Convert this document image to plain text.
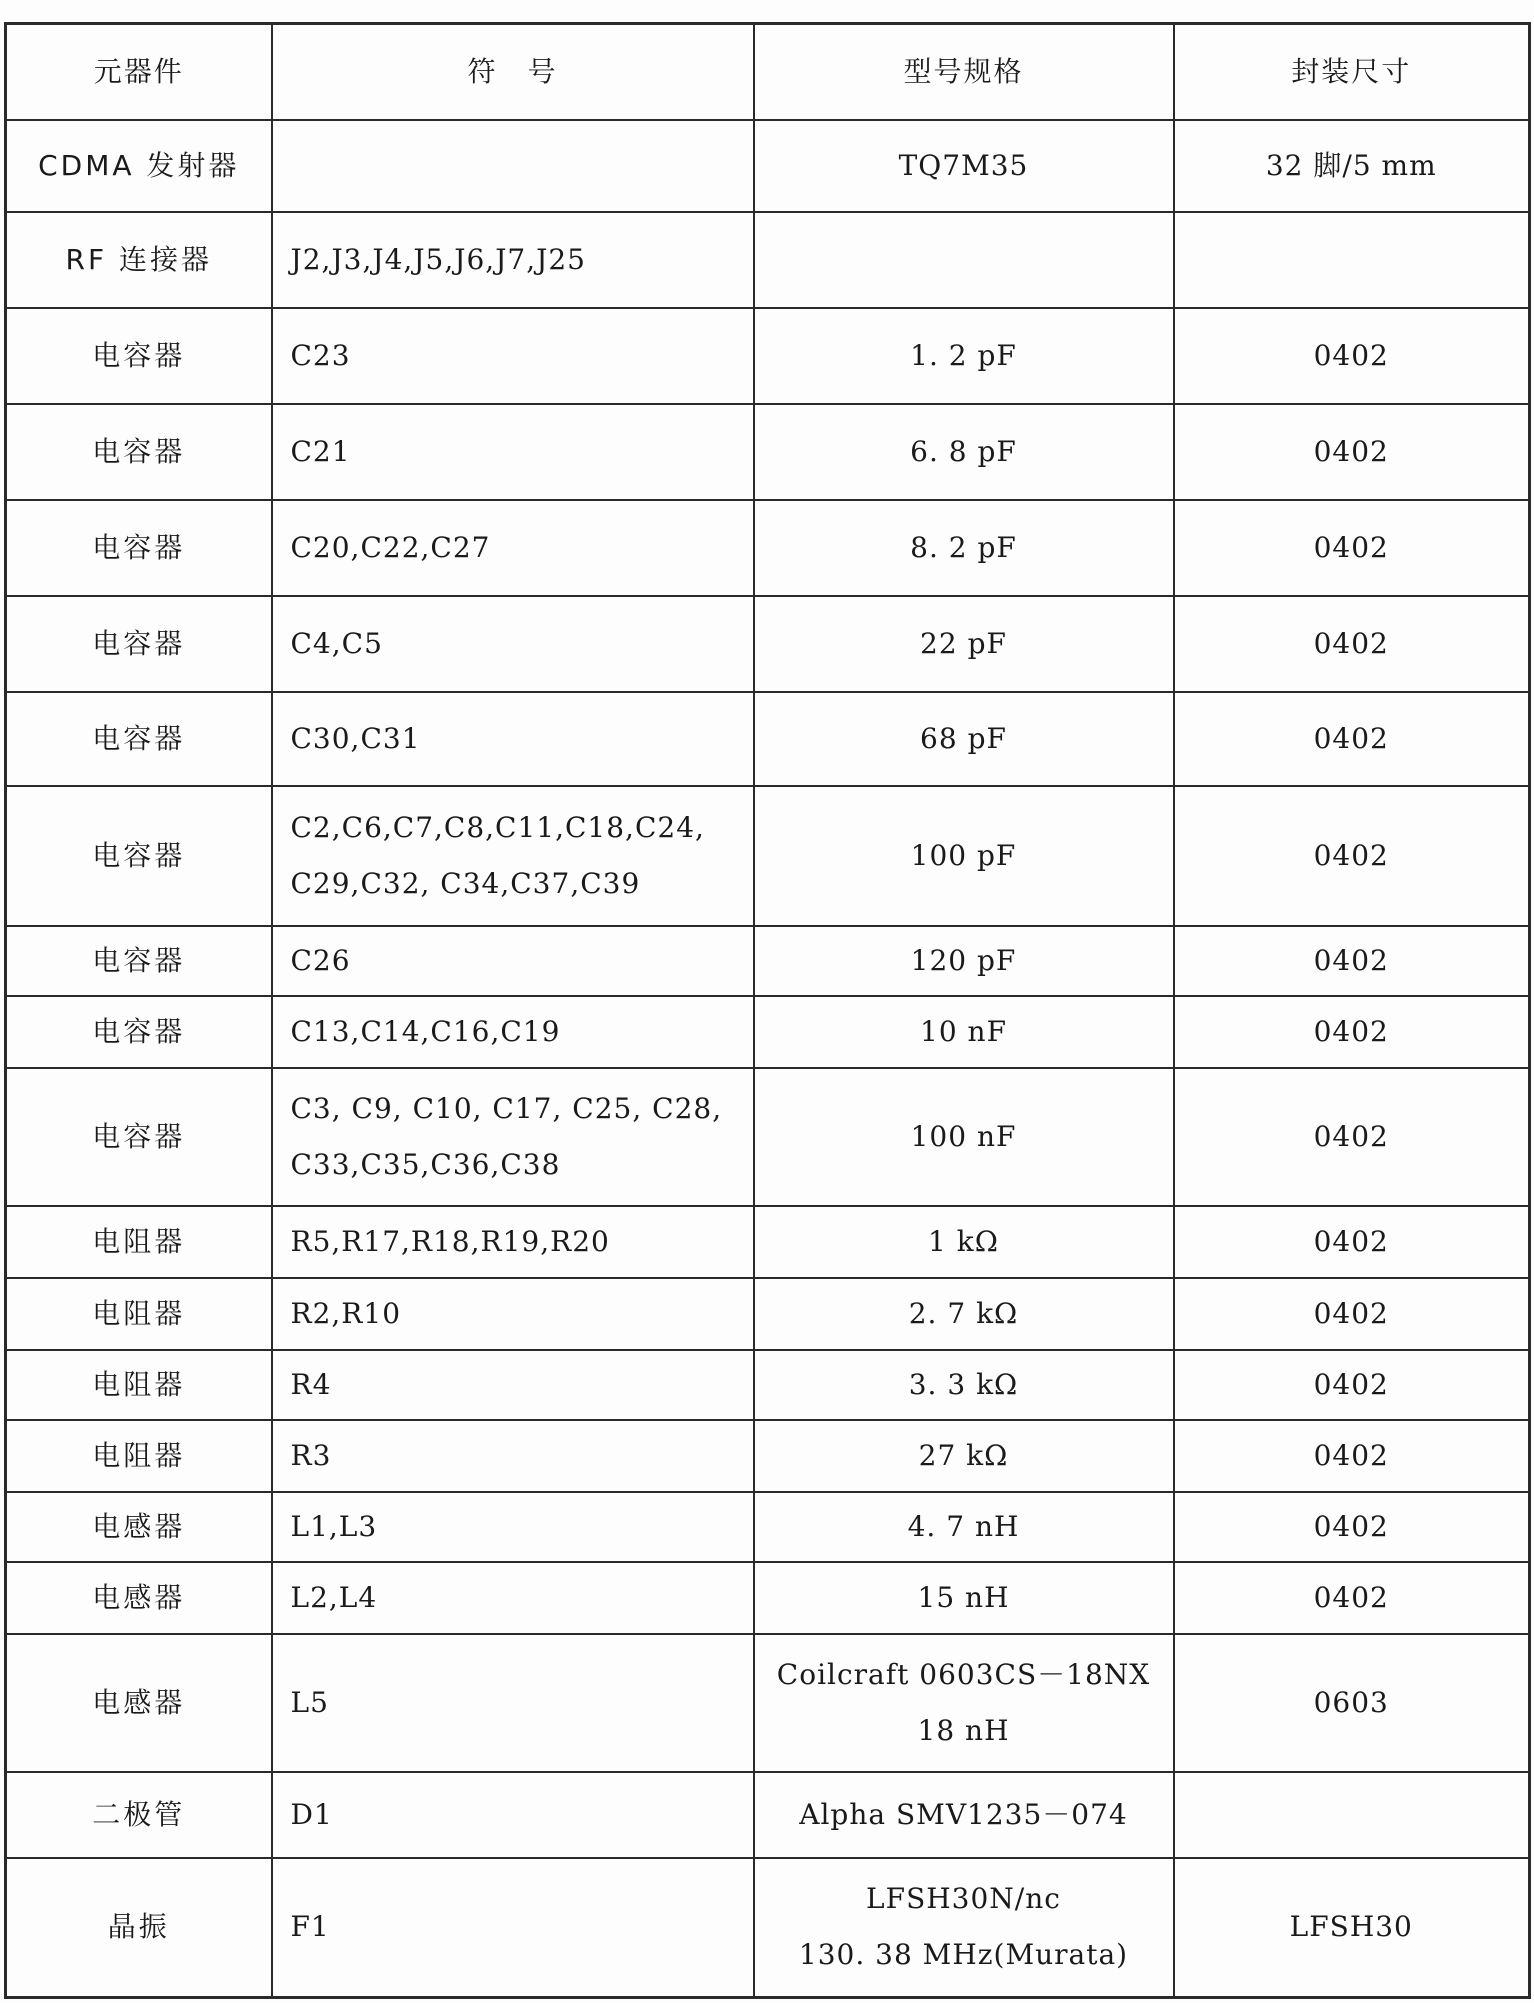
元器件	符　号	型号规格	封装尺寸
CDMA 发射器		TQ7M35	32 脚/5 mm
RF 连接器	J2,J3,J4,J5,J6,J7,J25		

电容器	C23	1. 2 pF	0402
电容器	C21	6. 8 pF	0402
电容器	C20,C22,C27	8. 2 pF	0402
电容器	C4,C5	22 pF	0402
电容器	C30,C31	68 pF	0402
电容器	C2,C6,C7,C8,C11,C18,C24,
C29,C32, C34,C37,C39	100 pF	0402
电容器	C26	120 pF	0402
电容器	C13,C14,C16,C19	10 nF	0402
电容器	C3, C9, C10, C17, C25, C28,
C33,C35,C36,C38	100 nF	0402
电阻器	R5,R17,R18,R19,R20	1 kΩ	0402
电阻器	R2,R10	2. 7 kΩ	0402
电阻器	R4	3. 3 kΩ	0402
电阻器	R3	27 kΩ	0402
电感器	L1,L3	4. 7 nH	0402
电感器	L2,L4	15 nH	0402
电感器	L5	Coilcraft 0603CS－18NX
18 nH	0603
二极管	D1	Alpha SMV1235－074	

晶振	F1	LFSH30N/nc
130. 38 MHz(Murata)	LFSH30
